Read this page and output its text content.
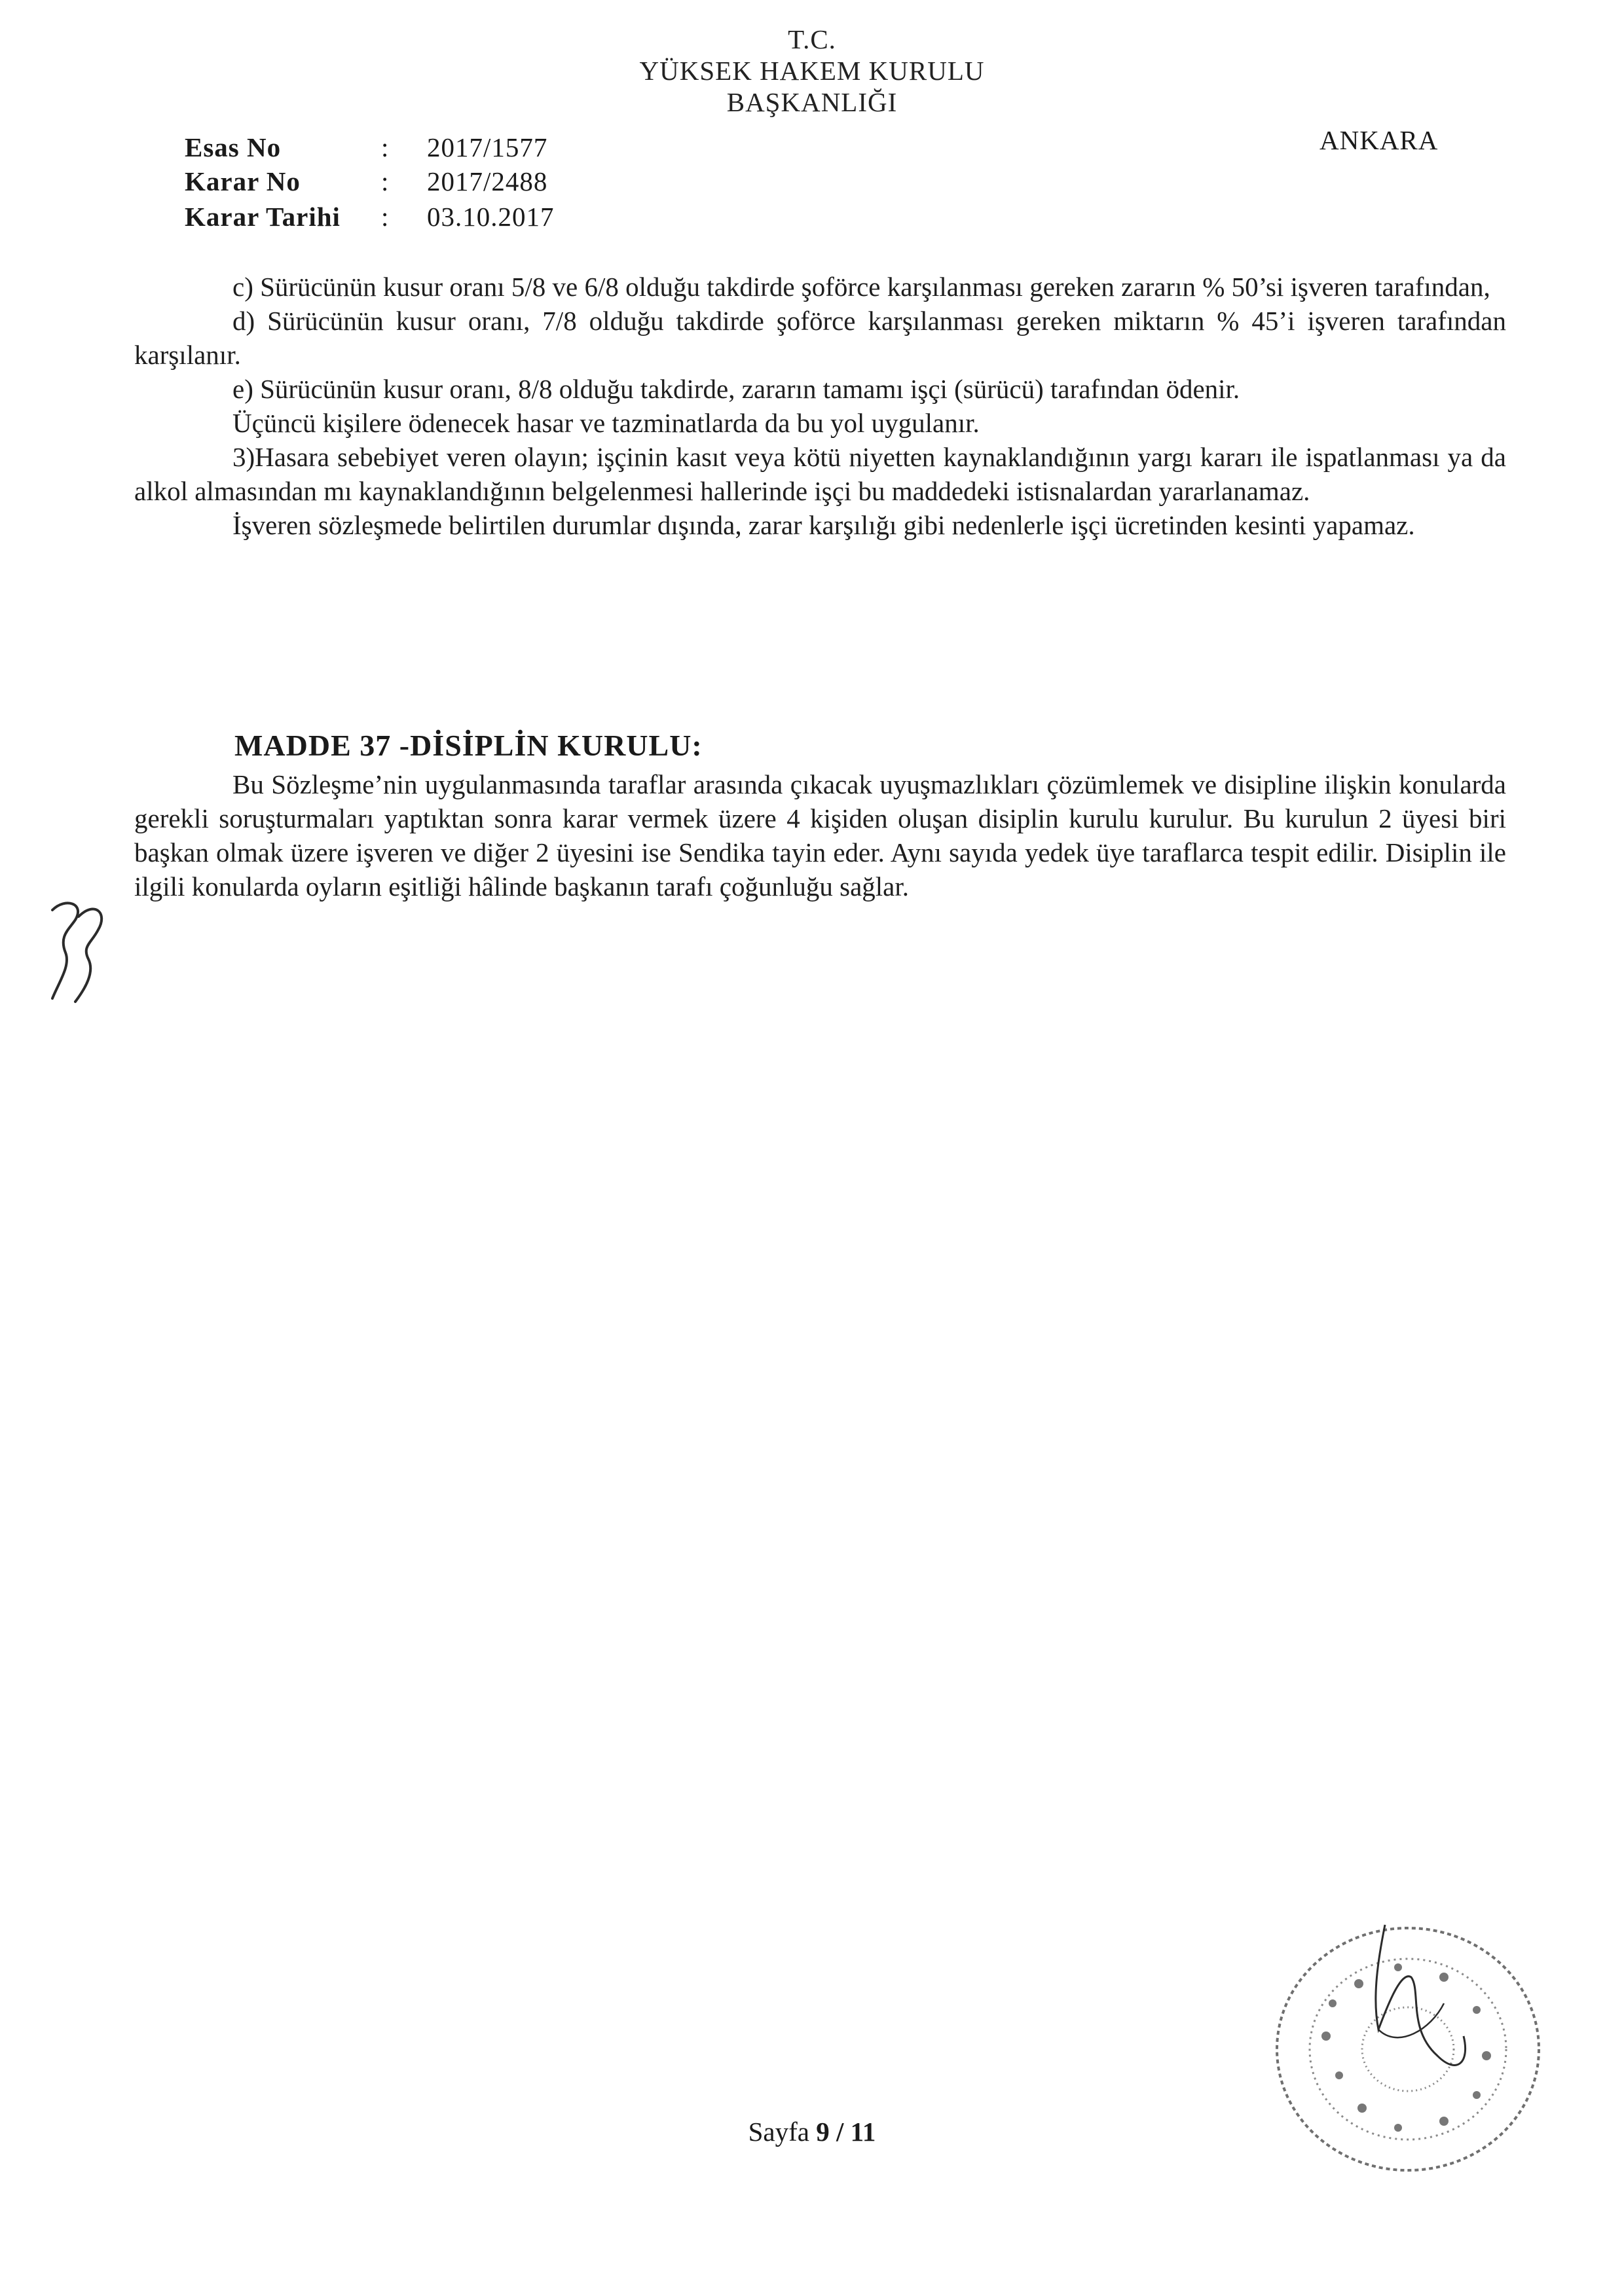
T.C.
YÜKSEK HAKEM KURULU
BAŞKANLIĞI
Esas No	: 2017/1577
Karar No	: 2017/2488
Karar Tarihi : 03.10.2017
ANKARA

c) Sürücünün kusur oranı 5/8 ve 6/8 olduğu takdirde şoförce karşılanması gereken zararın % 50’si işveren tarafından,

d) Sürücünün kusur oranı, 7/8 olduğu takdirde şoförce karşılanması gereken miktarın % 45’i işveren tarafından karşılanır.

e) Sürücünün kusur oranı, 8/8 olduğu takdirde, zararın tamamı işçi (sürücü) tarafından ödenir.

Üçüncü kişilere ödenecek hasar ve tazminatlarda da bu yol uygulanır.

3)Hasara sebebiyet veren olayın; işçinin kasıt veya kötü niyetten kaynaklandığının yargı kararı ile ispatlanması ya da alkol almasından mı kaynaklandığının belgelenmesi hallerinde işçi bu maddedeki istisnalardan yararlanamaz.

İşveren sözleşmede belirtilen durumlar dışında, zarar karşılığı gibi nedenlerle işçi ücretinden kesinti yapamaz.

MADDE 37 -DİSİPLİN KURULU:

Bu Sözleşme’nin uygulanmasında taraflar arasında çıkacak uyuşmazlıkları çözümlemek ve disipline ilişkin konularda gerekli soruşturmaları yaptıktan sonra karar vermek üzere 4 kişiden oluşan disiplin kurulu kurulur. Bu kurulun 2 üyesi biri başkan olmak üzere işveren ve diğer 2 üyesini ise Sendika tayin eder. Aynı sayıda yedek üye taraflarca tespit edilir. Disiplin ile ilgili konularda oyların eşitliği hâlinde başkanın tarafı çoğunluğu sağlar.

Sayfa 9 / 11
